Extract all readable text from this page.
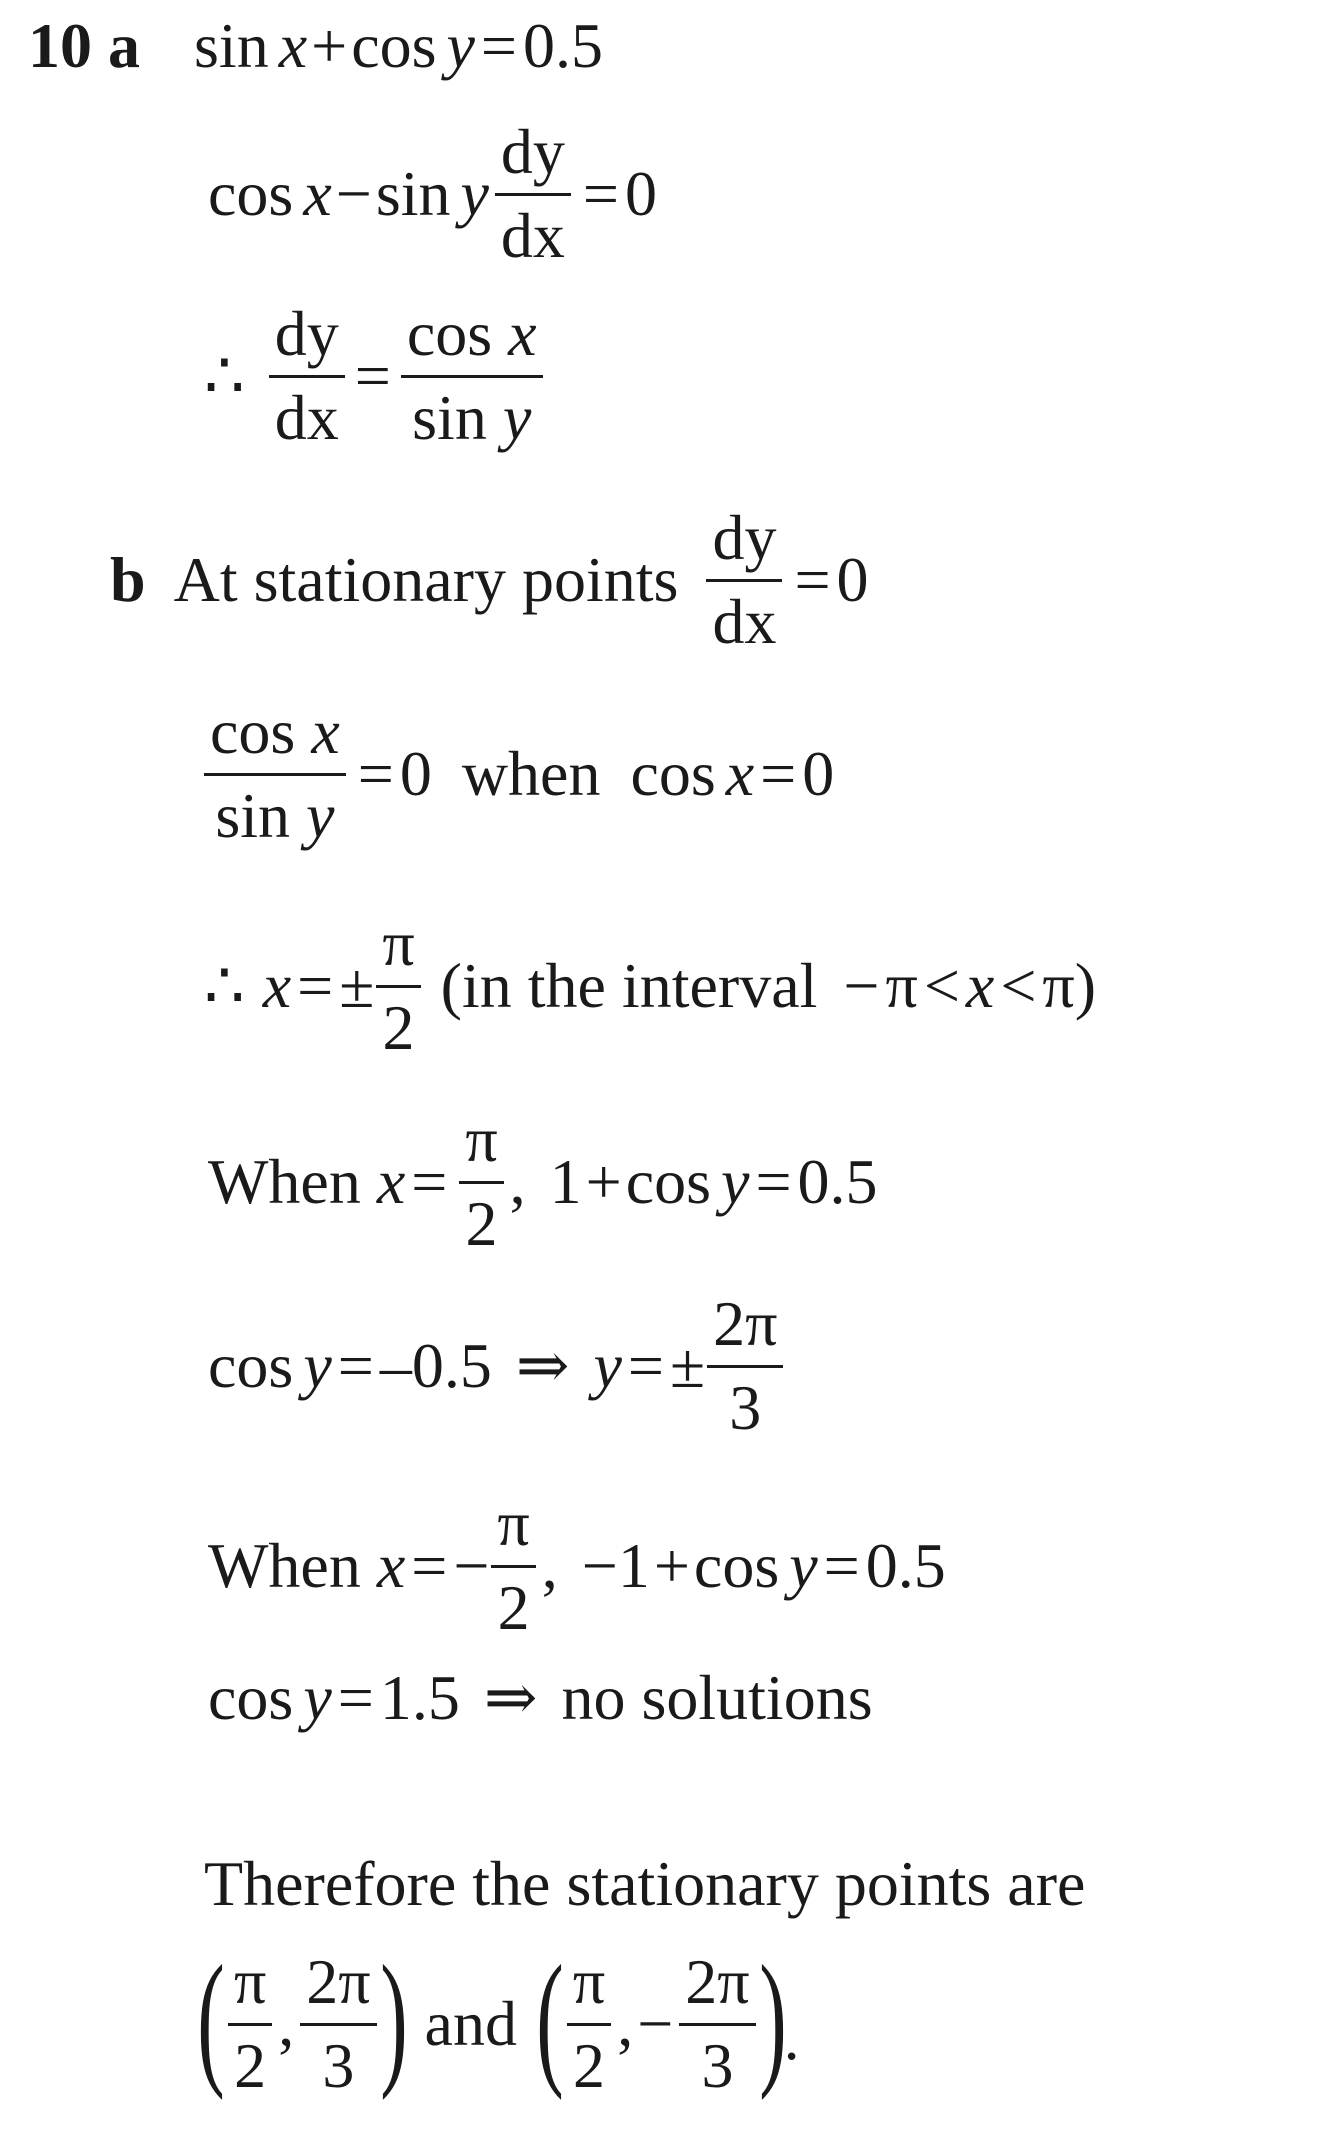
10 a sin x + cos y = 0.5
cos x − sin y $\frac{dy}{dx} = 0$
∴ $\frac{dy}{dx} = \frac{\text{cos x}}{\text{sin y}}$
b At stationary points $\frac{dy}{dx} = 0$
$\frac{\text{cos x}}{\text{sin y}} = 0$ when cos x = 0
∴ x = ± $\frac{\pi}{2} (in$ the interval − π < x < π )
When $x = \frac{\pi}{2}$ , 1 + cos y = 0.5
cos y = –0.5 ⇒ y = ± $\frac{2\pi}{3}$
When x = − $\frac{\pi}{2}$ , − 1 + cos y = 0.5
cos y = 1.5 ⇒ no solutions
Therefore the stationary points are
( $\frac{\pi}{2}$ , $\frac{2\pi}{3}$ ) and ( $\frac{\pi}{2}$ , − $\frac{2\pi}{3}$ )
.
